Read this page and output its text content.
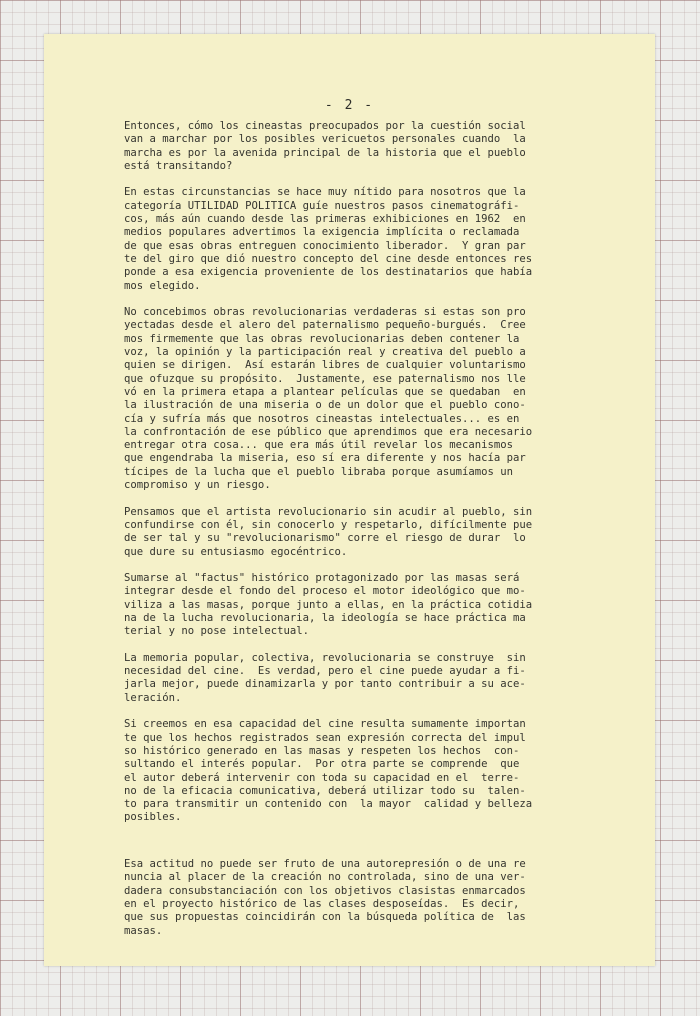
- 2 -
Entonces, cómo los cineastas preocupados por la cuestión social
van a marchar por los posibles vericuetos personales cuando  la
marcha es por la avenida principal de la historia que el pueblo
está transitando?
En estas circunstancias se hace muy nítido para nosotros que la
categoría UTILIDAD POLITICA guíe nuestros pasos cinematográfi-
cos, más aún cuando desde las primeras exhibiciones en 1962  en
medios populares advertimos la exigencia implícita o reclamada
de que esas obras entreguen conocimiento liberador.  Y gran par
te del giro que dió nuestro concepto del cine desde entonces res
ponde a esa exigencia proveniente de los destinatarios que había
mos elegido.
No concebimos obras revolucionarias verdaderas si estas son pro
yectadas desde el alero del paternalismo pequeño-burgués.  Cree
mos firmemente que las obras revolucionarias deben contener la
voz, la opinión y la participación real y creativa del pueblo a
quien se dirigen.  Así estarán libres de cualquier voluntarismo
que ofuzque su propósito.  Justamente, ese paternalismo nos lle
vó en la primera etapa a plantear películas que se quedaban  en
la ilustración de una miseria o de un dolor que el pueblo cono-
cía y sufría más que nosotros cineastas intelectuales... es en
la confrontación de ese público que aprendimos que era necesario
entregar otra cosa... que era más útil revelar los mecanismos
que engendraba la miseria, eso sí era diferente y nos hacía par
tícipes de la lucha que el pueblo libraba porque asumíamos un
compromiso y un riesgo.
Pensamos que el artista revolucionario sin acudir al pueblo, sin
confundirse con él, sin conocerlo y respetarlo, difícilmente pue
de ser tal y su "revolucionarismo" corre el riesgo de durar  lo
que dure su entusiasmo egocéntrico.
Sumarse al "factus" histórico protagonizado por las masas será
integrar desde el fondo del proceso el motor ideológico que mo-
viliza a las masas, porque junto a ellas, en la práctica cotidia
na de la lucha revolucionaria, la ideología se hace práctica ma
terial y no pose intelectual.
La memoria popular, colectiva, revolucionaria se construye  sin
necesidad del cine.  Es verdad, pero el cine puede ayudar a fi-
jarla mejor, puede dinamizarla y por tanto contribuir a su ace-
leración.
Si creemos en esa capacidad del cine resulta sumamente importan
te que los hechos registrados sean expresión correcta del impul
so histórico generado en las masas y respeten los hechos  con-
sultando el interés popular.  Por otra parte se comprende  que
el autor deberá intervenir con toda su capacidad en el  terre-
no de la eficacia comunicativa, deberá utilizar todo su  talen-
to para transmitir un contenido con  la mayor  calidad y belleza
posibles.
Esa actitud no puede ser fruto de una autorepresión o de una re
nuncia al placer de la creación no controlada, sino de una ver-
dadera consubstanciación con los objetivos clasistas enmarcados
en el proyecto histórico de las clases desposeídas.  Es decir,
que sus propuestas coincidirán con la búsqueda política de  las
masas.
